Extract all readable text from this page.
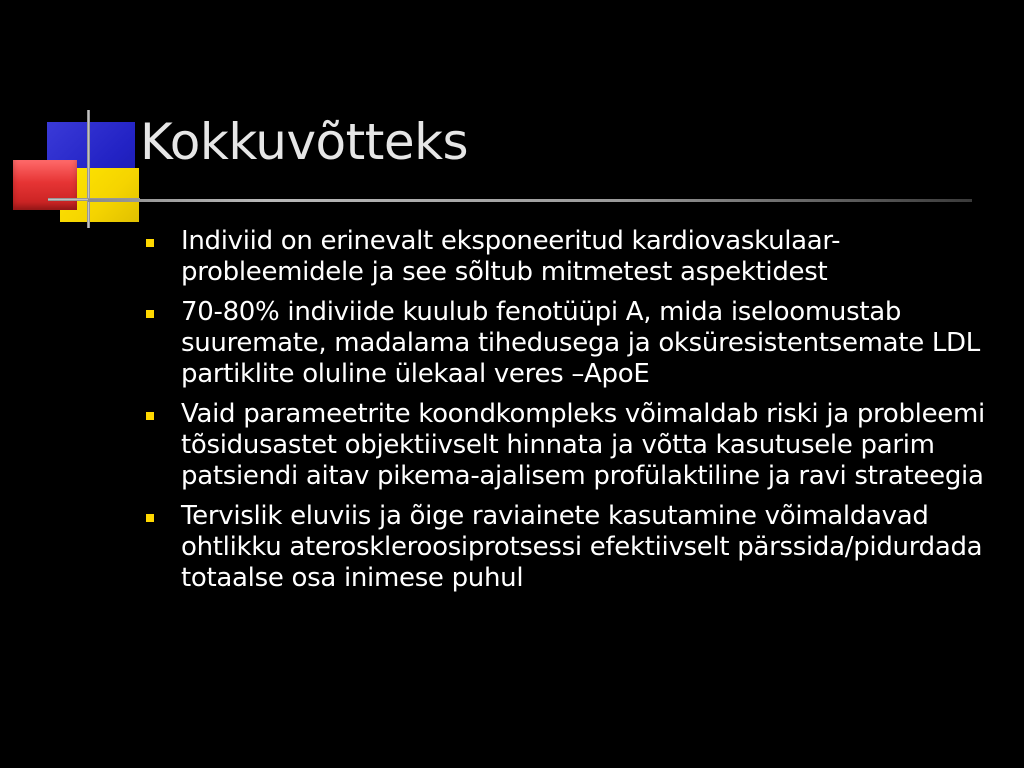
Kokkuvõtteks
Indiviid on erinevalt eksponeeritud kardiovaskulaar-probleemidele ja see sõltub mitmetest aspektidest
70-80% indiviide kuulub fenotüüpi A, mida iseloomustab suuremate, madalama tihedusega ja oksüresistentsemate LDL partiklite oluline ülekaal veres –ApoE
Vaid parameetrite koondkompleks võimaldab riski ja probleemi tõsidusastet objektiivselt hinnata ja võtta kasutusele parim patsiendi aitav pikema-ajalisem profülaktiline ja ravi strateegia
Tervislik eluviis ja õige raviainete kasutamine võimaldavad ohtlikku ateroskleroosiprotsessi efektiivselt pärssida/pidurdada totaalse osa inimese puhul
